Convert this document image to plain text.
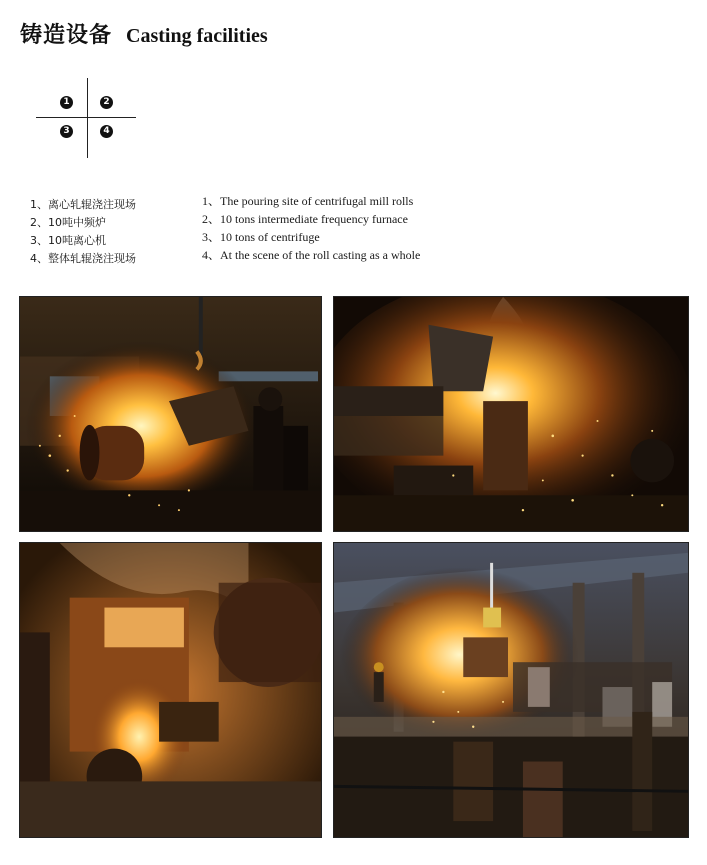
铸造设备 Casting facilities
1	2
3	4
1、离心轧辊浇注现场
2、10吨中频炉
3、10吨离心机
4、整体轧辊浇注现场
1、The pouring site of centrifugal mill rolls
2、10 tons intermediate frequency furnace
3、10 tons of centrifuge
4、At the scene of the roll casting as a whole
